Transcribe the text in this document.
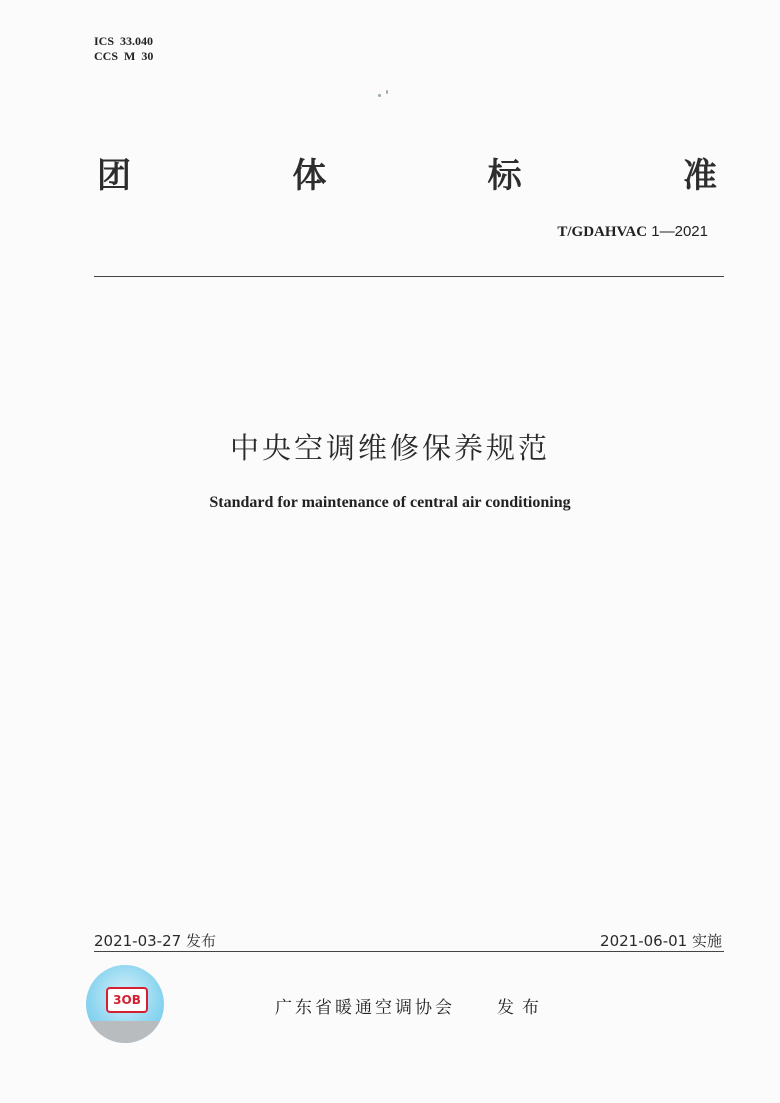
ICS  33.040
CCS  M  30
团	体	标	准
T/GDAHVAC 1—2021
中央空调维修保养规范
Standard for maintenance of central air conditioning
2021-03-27 发布	2021-06-01 实施
3OB	广东省暖通空调协会 发布
